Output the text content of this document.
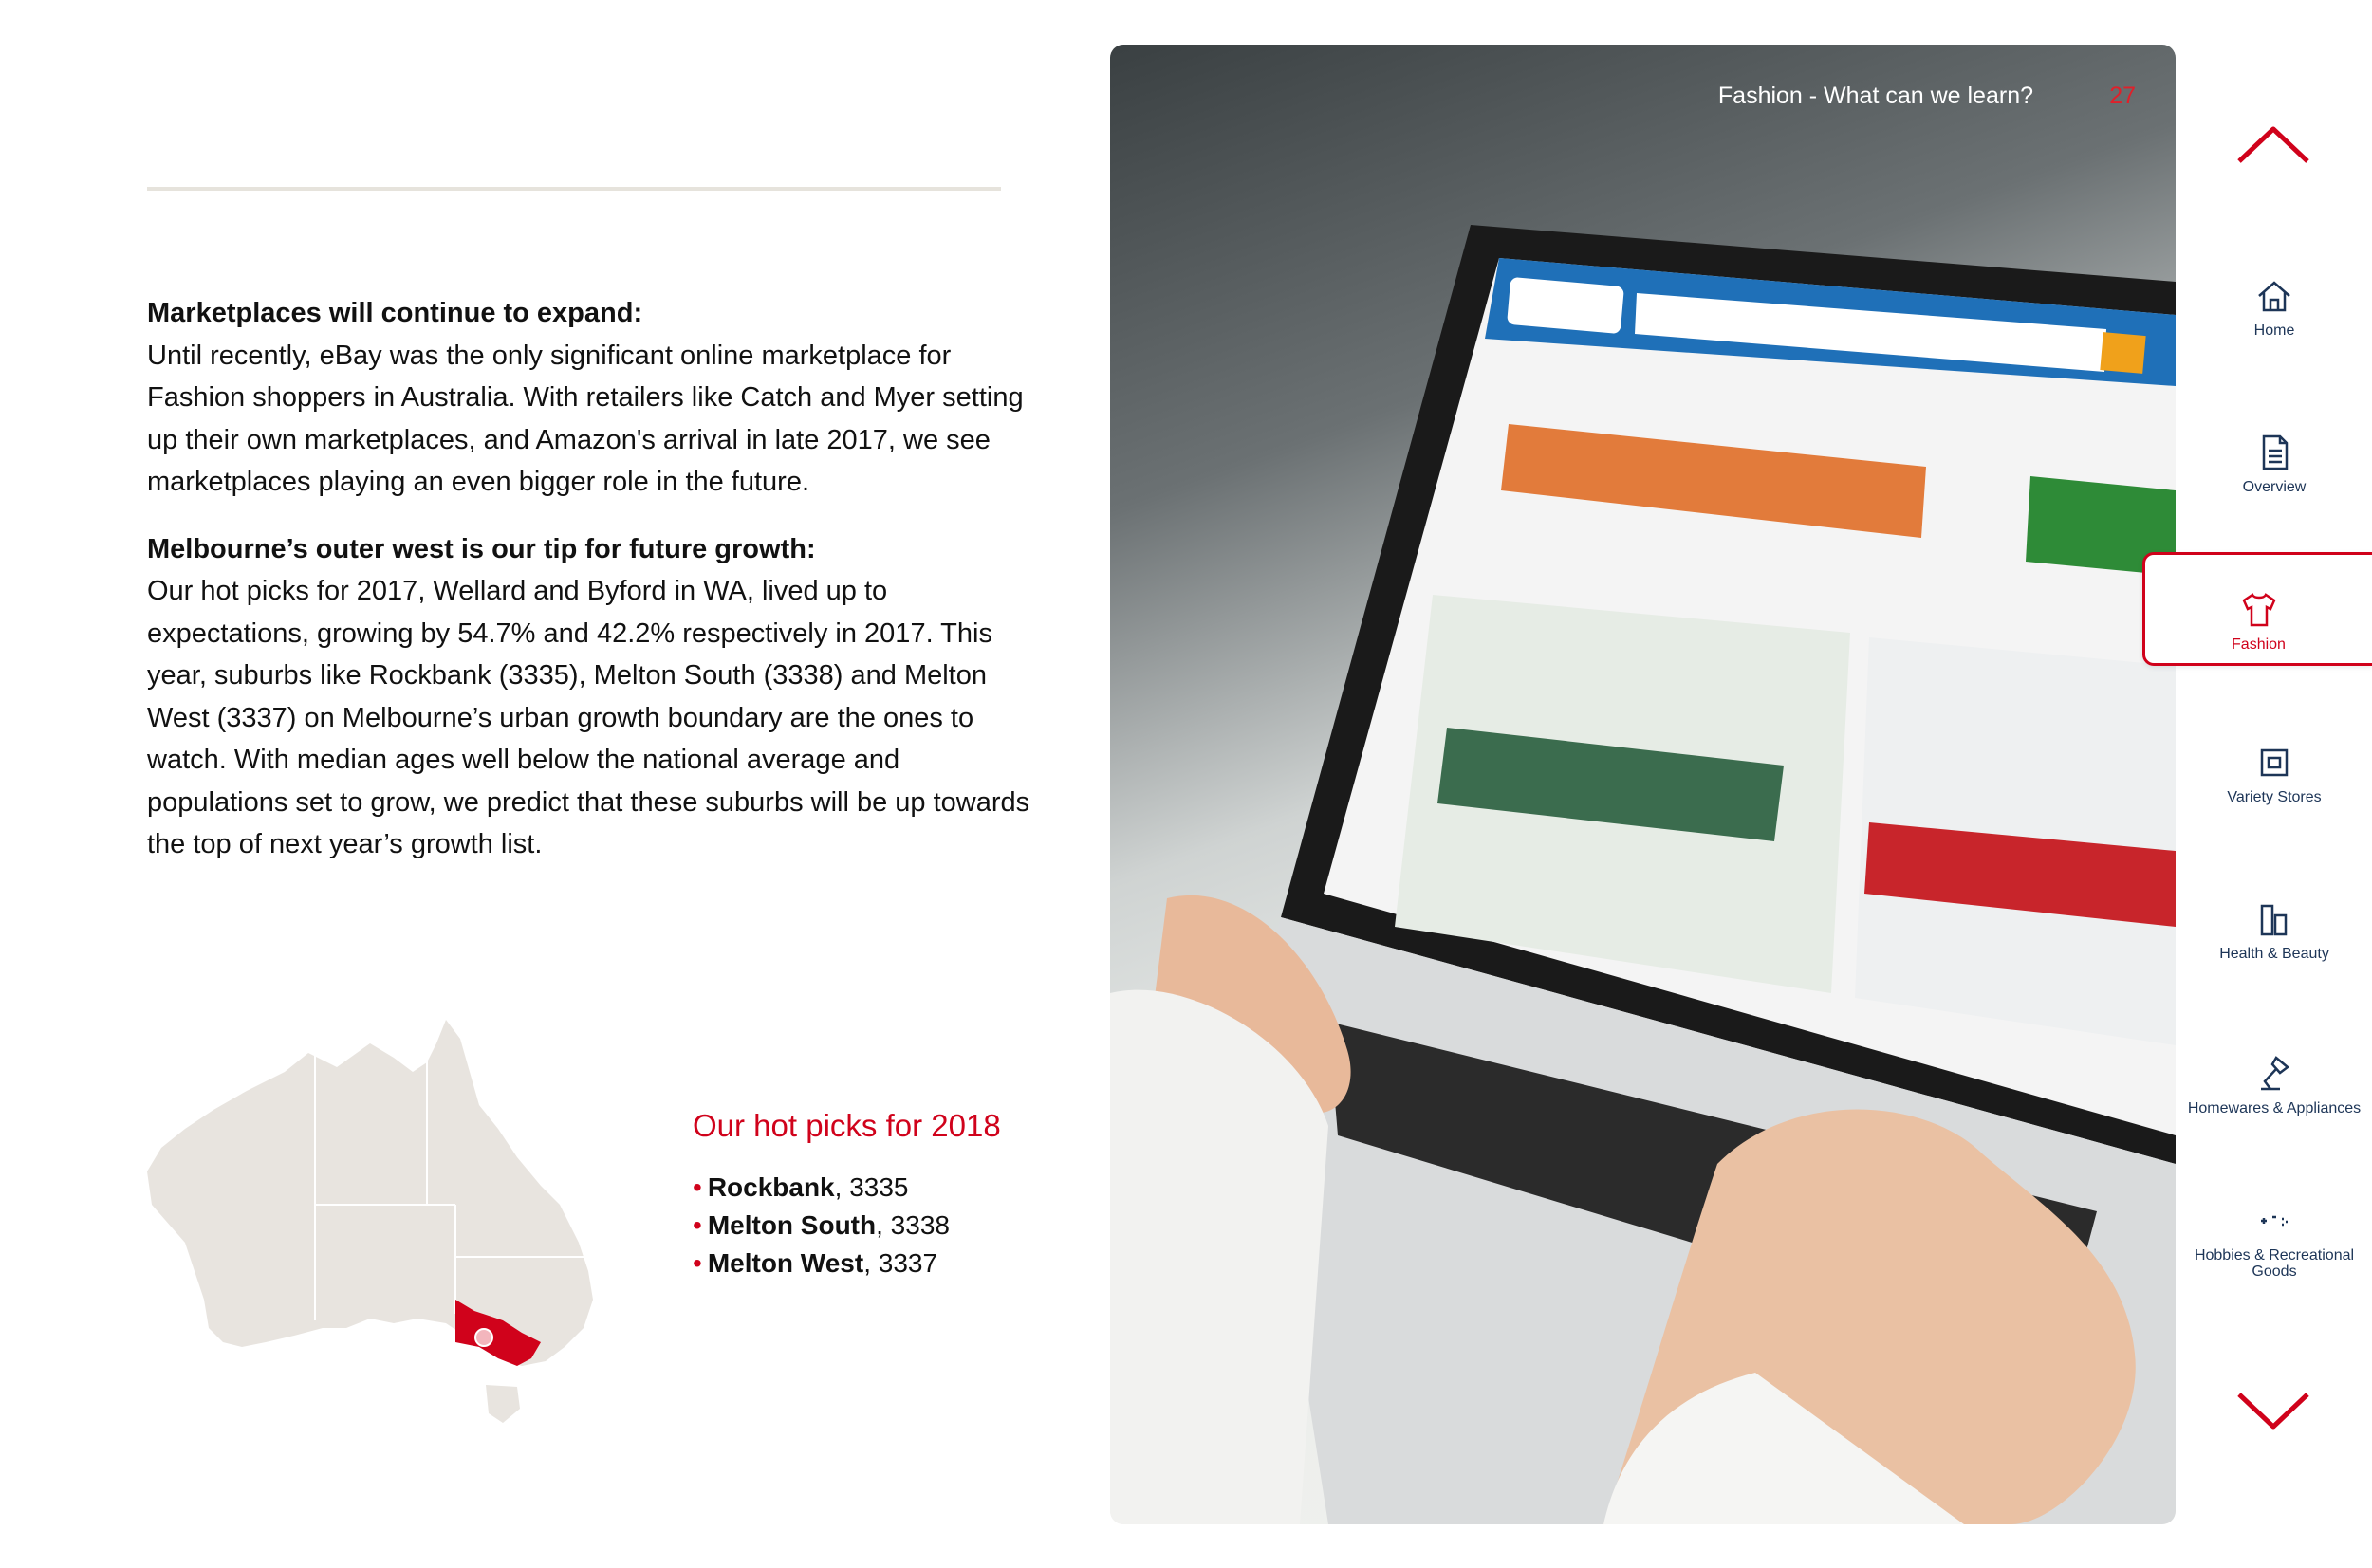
Marketplaces will continue to expand:
Until recently, eBay was the only significant online marketplace for Fashion shoppers in Australia. With retailers like Catch and Myer setting up their own marketplaces, and Amazon's arrival in late 2017, we see marketplaces playing an even bigger role in the future.

Melbourne’s outer west is our tip for future growth:
Our hot picks for 2017, Wellard and Byford in WA, lived up to expectations, growing by 54.7% and 42.2% respectively in 2017. This year, suburbs like Rockbank (3335), Melton South (3338) and Melton West (3337) on Melbourne’s urban growth boundary are the ones to watch. With median ages well below the national average and populations set to grow, we predict that these suburbs will be up towards the top of next year’s growth list.

Our hot picks for 2018
• Rockbank, 3335
• Melton South, 3338
• Melton West, 3337
Fashion - What can we learn?	27
Home
Overview
Fashion
Variety Stores
Health & Beauty
Homewares & Appliances
Hobbies & Recreational Goods
